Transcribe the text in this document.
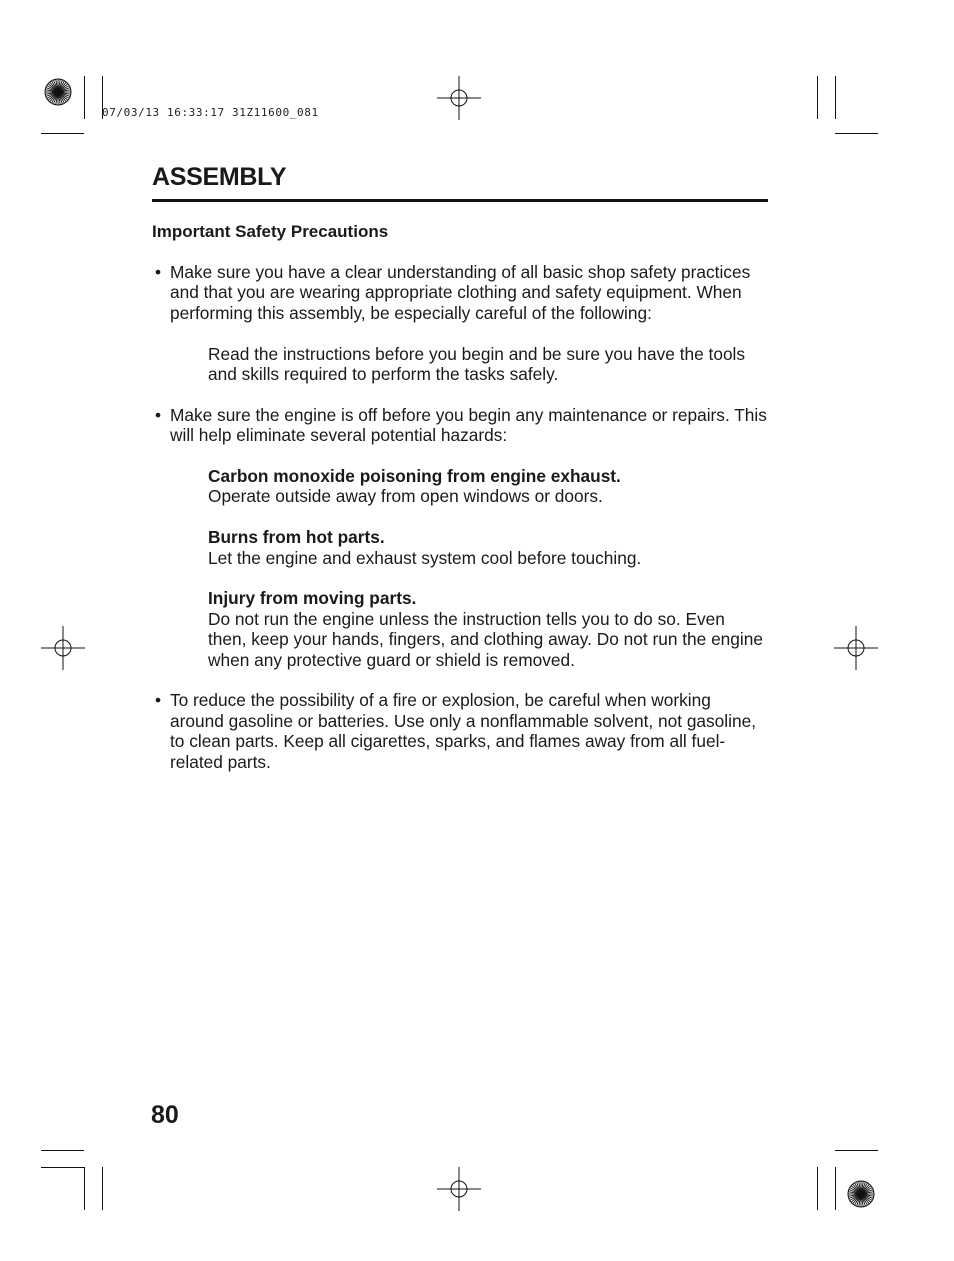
07/03/13 16:33:17 31Z11600_081
ASSEMBLY
Important Safety Precautions
• Make sure you have a clear understanding of all basic shop safety practices and that you are wearing appropriate clothing and safety equipment. When performing this assembly, be especially careful of the following:
Read the instructions before you begin and be sure you have the tools and skills required to perform the tasks safely.
• Make sure the engine is off before you begin any maintenance or repairs. This will help eliminate several potential hazards:
Carbon monoxide poisoning from engine exhaust.
Operate outside away from open windows or doors.
Burns from hot parts.
Let the engine and exhaust system cool before touching.
Injury from moving parts.
Do not run the engine unless the instruction tells you to do so. Even then, keep your hands, fingers, and clothing away. Do not run the engine when any protective guard or shield is removed.
• To reduce the possibility of a fire or explosion, be careful when working around gasoline or batteries. Use only a nonflammable solvent, not gasoline, to clean parts. Keep all cigarettes, sparks, and flames away from all fuel-related parts.
80
